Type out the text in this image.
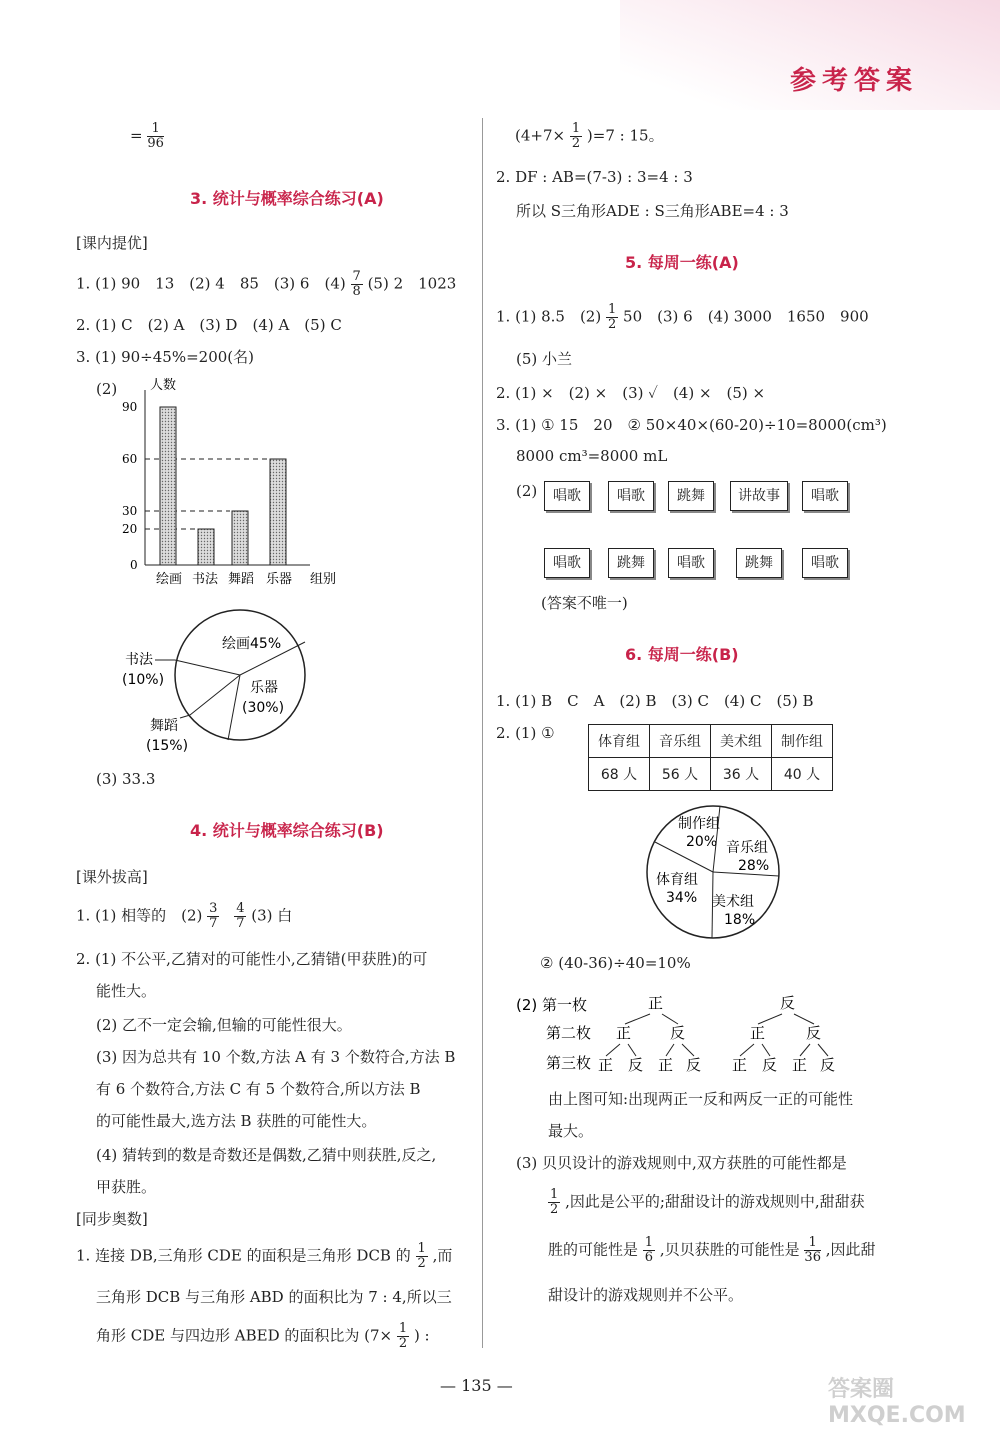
参考答案
= $\frac{1}{96}$
3. 统计与概率综合练习(A)
[课内提优]
1. (1) 90　13　(2) 4　85　(3) 6　$(4) \frac{7}{8} (5)$ 2　1023
2. (1) C　(2) A　(3) D　(4) A　(5) C
3. (1) 90÷45%=200(名)
(2)	人数
组别
90
60
30
20
0
绘画 书法 舞蹈 乐器
绘画45%
乐器
(30%)
书法
(10%)
舞蹈
(15%)
(3) 33.3
4. 统计与概率综合练习(B)
[课外拔高]
1. (1) 相等的　$(2) \frac{3}{7}$
$\frac{4}{7} (3)$ 白
2. (1) 不公平,乙猜对的可能性小,乙猜错(甲获胜)的可
能性大。
(2) 乙不一定会输,但输的可能性很大。
(3) 因为总共有 10 个数,方法 A 有 3 个数符合,方法 B
有 6 个数符合,方法 C 有 5 个数符合,所以方法 B
的可能性最大,选方法 B 获胜的可能性大。
(4) 猜转到的数是奇数还是偶数,乙猜中则获胜,反之,
甲获胜。
[同步奥数]
1. 连接 DB,三角形 CDE 的面积是三角形 DCB 的 $\frac{1}{2}$ ,而
三角形 DCB 与三角形 ABD 的面积比为 7 : 4,所以三
角形 CDE 与四边形 ABED 的面积比为 ($7\times \frac{1}{2}$ ) :
$(4+7\times \frac{1}{2} )=7$ : 15。
2. DF : AB=(7-3) : 3=4 : 3
所以 S三角形ADE : S三角形ABE=4 : 3
5. 每周一练(A)
1. (1) 8.5　$(2) \frac{1}{2} 50$　(3) 6　(4) 3000　1650　900
(5) 小兰
2. (1) ×　(2) ×　(3) ✓　(4) ×　(5) ×
3. (1) ① 15　20　② 50×40×(60-20)÷10=8000(cm³)
8000 cm³=8000 mL
(2)	唱歌	唱歌	跳舞	讲故事	唱歌
唱歌	跳舞	唱歌	跳舞	唱歌
(答案不唯一)
6. 每周一练(B)
1. (1) B　C　A　(2) B　(3) C　(4) C　(5) B
2. (1) ①	体育组	音乐组	美术组	制作组
68 人	56 人	36 人	40 人
制作组
20% 音乐组
28%
体育组
34% 美术组
18%
② (40-36)÷40=10%
(2) 第一枚
第二枚
第三枚
正	反
正	反	正	反
正 反 正 反 正 反 正 反
由上图可知:出现两正一反和两反一正的可能性
最大。
(3) 贝贝设计的游戏规则中,双方获胜的可能性都是
$\frac{1}{2}$ ,因此是公平的;甜甜设计的游戏规则中,甜甜获
胜的可能性是 $\frac{1}{6}$ ,贝贝获胜的可能性是 $\frac{1}{36}$ ,因此甜
甜设计的游戏规则并不公平。
— 135 —	答案圈 MXQE.COM
